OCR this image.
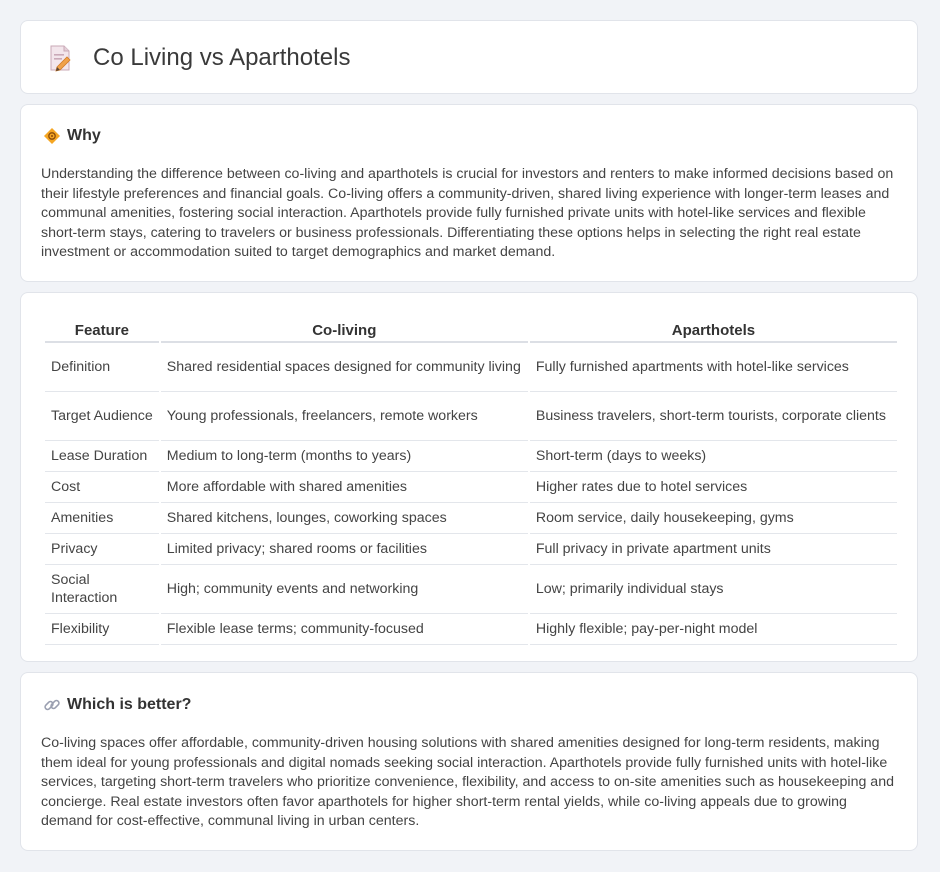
Co Living vs Aparthotels
Why

Understanding the difference between co-living and aparthotels is crucial for investors and renters to make informed decisions based on their lifestyle preferences and financial goals. Co-living offers a community-driven, shared living experience with longer-term leases and communal amenities, fostering social interaction. Aparthotels provide fully furnished private units with hotel-like services and flexible short-term stays, catering to travelers or business professionals. Differentiating these options helps in selecting the right real estate investment or accommodation suited to target demographics and market demand.

Feature	Co-living	Aparthotels
Definition	Shared residential spaces designed for community living	Fully furnished apartments with hotel-like services
Target Audience	Young professionals, freelancers, remote workers	Business travelers, short-term tourists, corporate clients
Lease Duration	Medium to long-term (months to years)	Short-term (days to weeks)
Cost	More affordable with shared amenities	Higher rates due to hotel services
Amenities	Shared kitchens, lounges, coworking spaces	Room service, daily housekeeping, gyms
Privacy	Limited privacy; shared rooms or facilities	Full privacy in private apartment units
Social Interaction	High; community events and networking	Low; primarily individual stays
Flexibility	Flexible lease terms; community-focused	Highly flexible; pay-per-night model
Which is better?

Co-living spaces offer affordable, community-driven housing solutions with shared amenities designed for long-term residents, making them ideal for young professionals and digital nomads seeking social interaction. Aparthotels provide fully furnished units with hotel-like services, targeting short-term travelers who prioritize convenience, flexibility, and access to on-site amenities such as housekeeping and concierge. Real estate investors often favor aparthotels for higher short-term rental yields, while co-living appeals due to growing demand for cost-effective, communal living in urban centers.
